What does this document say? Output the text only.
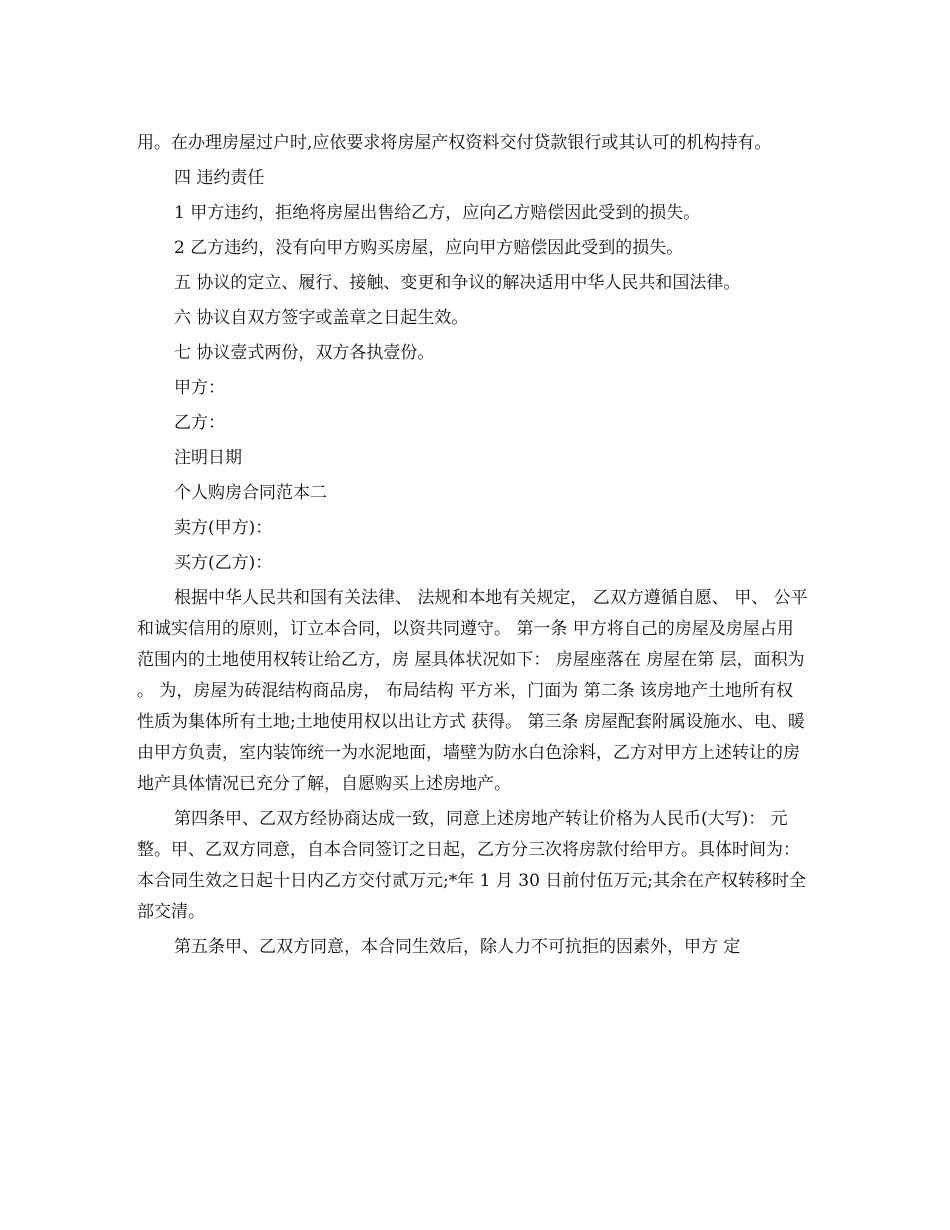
用。在办理房屋过户时,应依要求将房屋产权资料交付贷款银行或其认可的机构持有。

四 违约责任

1 甲方违约，拒绝将房屋出售给乙方，应向乙方赔偿因此受到的损失。

2 乙方违约，没有向甲方购买房屋，应向甲方赔偿因此受到的损失。

五 协议的定立、履行、接触、变更和争议的解决适用中华人民共和国法律。

六 协议自双方签字或盖章之日起生效。

七 协议壹式两份，双方各执壹份。

甲方：

乙方：

注明日期

个人购房合同范本二

卖方(甲方)：

买方(乙方)：

根据中华人民共和国有关法律、 法规和本地有关规定， 乙双方遵循自愿、 甲、 公平和诚实信用的原则，订立本合同，以资共同遵守。 第一条 甲方将自己的房屋及房屋占用范围内的土地使用权转让给乙方，房 屋具体状况如下： 房屋座落在 房屋在第 层，面积为 。 为，房屋为砖混结构商品房， 布局结构 平方米，门面为 第二条 该房地产土地所有权性质为集体所有土地;土地使用权以出让方式 获得。 第三条 房屋配套附属设施水、电、暖由甲方负责，室内装饰统一为水泥地面，墙壁为防水白色涂料，乙方对甲方上述转让的房地产具体情况已充分了解，自愿购买上述房地产。

第四条甲、乙双方经协商达成一致，同意上述房地产转让价格为人民币(大写)： 元整。甲、乙双方同意，自本合同签订之日起，乙方分三次将房款付给甲方。具体时间为：本合同生效之日起十日内乙方交付贰万元;*年 1 月 30 日前付伍万元;其余在产权转移时全部交清。

第五条甲、乙双方同意，本合同生效后，除人力不可抗拒的因素外，甲方 定
